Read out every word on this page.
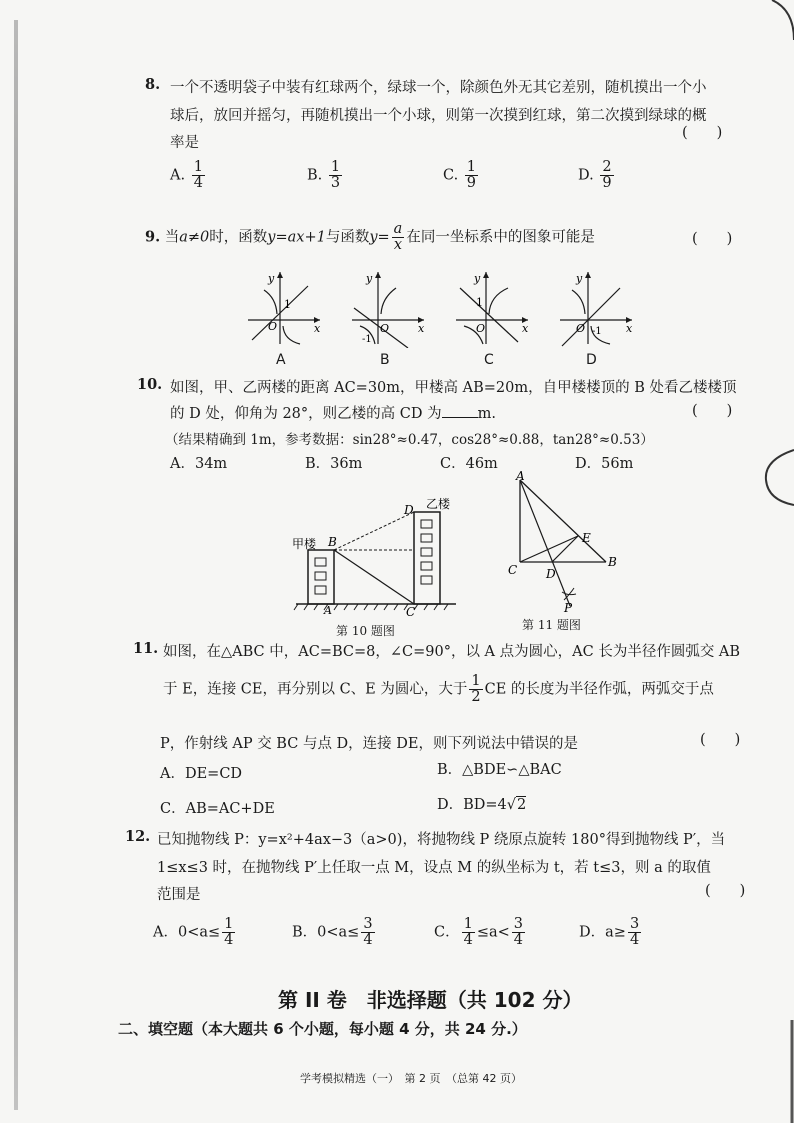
8. 一个不透明袋子中装有红球两个，绿球一个，除颜色外无其它差别，随机摸出一个小
球后，放回并摇匀，再随机摸出一个小球，则第一次摸到红球，第二次摸到绿球的概
率是
(　　)
A. $\frac{1}{4}$	B. $\frac{1}{3}$	C. $\frac{1}{9}$	D. $\frac{2}{9}$
9. 当a≠0时，函数y=ax+1与函数$y= \frac{a}{x}$ 在同一坐标系中的图象可能是	(　　)
y
x
O
1
A
y
x
O
-1
B
y
x
O
1
C
y
x
O -1
D
10. 如图，甲、乙两楼的距离 AC=30m，甲楼高 AB=20m，自甲楼楼顶的 B 处看乙楼楼顶
的 D 处，仰角为 28°，则乙楼的高 CD 为 m.	(　　)
（结果精确到 1m，参考数据：sin28°≈0.47，cos28°≈0.88，tan28°≈0.53）
A．34m	B．36m	C．46m	D．56m
甲楼
乙楼
B
D
A	C
第 10 题图
A
E
B
C D
P
第 11 题图
11. 如图，在△ABC 中，AC=BC=8，∠C=90°，以 A 点为圆心，AC 长为半径作圆弧交 AB
于 E，连接 CE，再分别以 C、E 为圆心，大于 $\frac{1}{2}$ CE 的长度为半径作弧，两弧交于点
P，作射线 AP 交 BC 与点 D，连接 DE，则下列说法中错误的是	(　　)
A．DE=CD	B．△BDE∽△BAC
C．AB=AC+DE	D．BD=4√2
12. 已知抛物线 P：y=x²+4ax−3（a>0)，将抛物线 P 绕原点旋转 180°得到抛物线 P′，当
1≤x≤3 时，在抛物线 P′上任取一点 M，设点 M 的纵坐标为 t，若 t≤3，则 a 的取值
范围是	(　　)
A．$0<a\le \frac{1}{4}$	B．$0<a\le \frac{3}{4}$	C． $\frac{1}{4} \le a< \frac{3}{4}$	D．$a\ge \frac{3}{4}$
第 II 卷　非选择题（共 102 分）
二、填空题（本大题共 6 个小题，每小题 4 分，共 24 分.）
学考模拟精选（一）　第 2 页　（总第 42 页）
